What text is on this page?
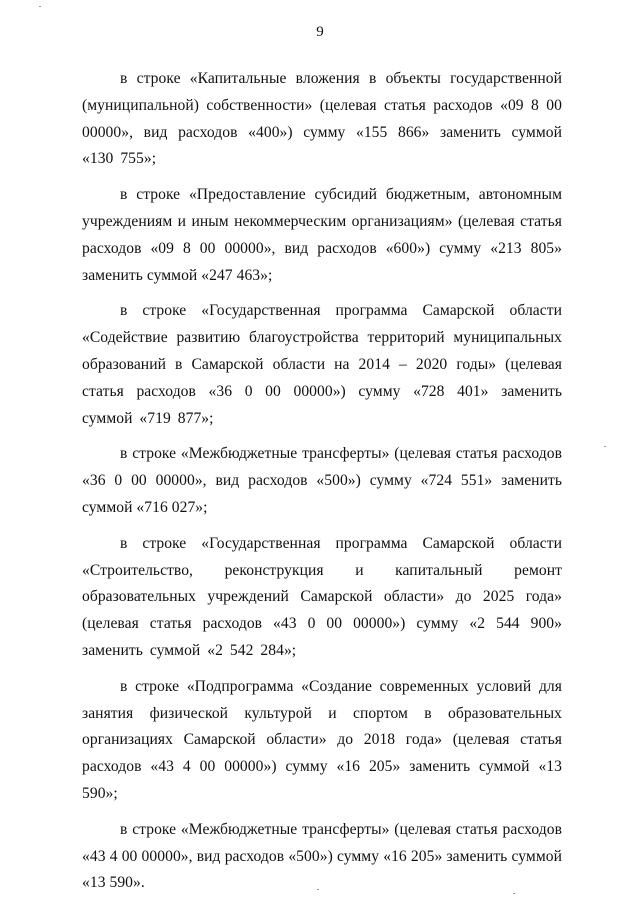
9

в строке «Капитальные вложения в объекты государственной (муниципальной) собственности» (целевая статья расходов «09 8 00 00000», вид расходов «400») сумму «155 866» заменить суммой «130 755»;

в строке «Предоставление субсидий бюджетным, автономным учреждениям и иным некоммерческим организациям» (целевая статья расходов «09 8 00 00000», вид расходов «600») сумму «213 805» заменить суммой «247 463»;

в строке «Государственная программа Самарской области «Содействие развитию благоустройства территорий муниципальных образований в Самарской области на 2014 – 2020 годы» (целевая статья расходов «36 0 00 00000») сумму «728 401» заменить суммой «719 877»;

в строке «Межбюджетные трансферты» (целевая статья расходов «36 0 00 00000», вид расходов «500») сумму «724 551» заменить суммой «716 027»;

в строке «Государственная программа Самарской области «Строительство, реконструкция и капитальный ремонт образовательных учреждений Самарской области» до 2025 года» (целевая статья расходов «43 0 00 00000») сумму «2 544 900» заменить суммой «2 542 284»;

в строке «Подпрограмма «Создание современных условий для занятия физической культурой и спортом в образовательных организациях Самарской области» до 2018 года» (целевая статья расходов «43 4 00 00000») сумму «16 205» заменить суммой «13 590»;

в строке «Межбюджетные трансферты» (целевая статья расходов «43 4 00 00000», вид расходов «500») сумму «16 205» заменить суммой «13 590».
